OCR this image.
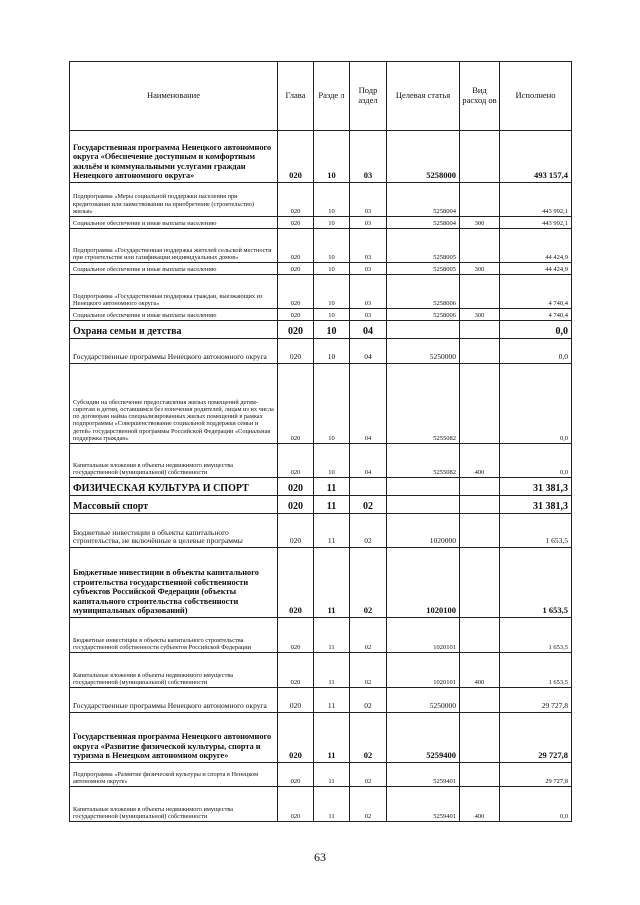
Наименование	Глава	Разде л	Подр аздел	Целевая статья	Вид расход ов	Исполнено
Государственная программа Ненецкого автономного округа «Обеспечение доступным и комфортным жильём и коммунальными услугами граждан Ненецкого автономного округа»	020	10	03	5258000		493 157,4
Подпрограмма «Меры социальной поддержки населения при кредитовании или заимствовании на приобретение (строительство) жилья»	020	10	03	5258004		443 992,1
Социальное обеспечение и иные выплаты населению	020	10	03	5258004	300	443 992,1
Подпрограмма «Государственная поддержка жителей сельской местности при строительстве или газификации индивидуальных домов»	020	10	03	5258005		44 424,9
Социальное обеспечение и иные выплаты населению	020	10	03	5258005	300	44 424,9
Подпрограмма «Государственная поддержка граждан, выезжающих из Ненецкого автономного округа»	020	10	03	5258006		4 740,4
Социальное обеспечение и иные выплаты населению	020	10	03	5258006	300	4 740,4
Охрана семьи и детства	020	10	04			0,0
Государственные программы Ненецкого автономного округа	020	10	04	5250000		0,0
Субсидии на обеспечение предоставления жилых помещений детям-сиротам и детям, оставшимся без попечения родителей, лицам из их числа по договорам найма специализированных жилых помещений в рамках подпрограммы «Совершенствование социальной поддержки семьи и детей» государственной программы Российской Федерации «Социальная поддержка граждан»	020	10	04	5255082		0,0
Капитальные вложения в объекты недвижимого имущества государственной (муниципальной) собственности	020	10	04	5255082	400	0,0
ФИЗИЧЕСКАЯ КУЛЬТУРА И СПОРТ	020	11				31 381,3
Массовый спорт	020	11	02			31 381,3
Бюджетные инвестиции в объекты капитального строительства, не включённые в целевые программы	020	11	02	1020000		1 653,5
Бюджетные инвестиции в объекты капитального строительства государственной собственности субъектов Российской Федерации (объекты капитального строительства собственности муниципальных образований)	020	11	02	1020100		1 653,5
Бюджетные инвестиции в объекты капитального строительства государственной собственности субъектов Российской Федерации	020	11	02	1020101		1 653,5
Капитальные вложения в объекты недвижимого имущества государственной (муниципальной) собственности	020	11	02	1020101	400	1 653,5
Государственные программы Ненецкого автономного округа	020	11	02	5250000		29 727,8
Государственная программа Ненецкого автономного округа «Развитие физической культуры, спорта и туризма в Ненецком автономном округе»	020	11	02	5259400		29 727,8
Подпрограмма «Развитие физической культуры и спорта в Ненецком автономном округе»	020	11	02	5259401		29 727,8
Капитальные вложения в объекты недвижимого имущества государственной (муниципальной) собственности	020	11	02	5259401	400	0,0
63
